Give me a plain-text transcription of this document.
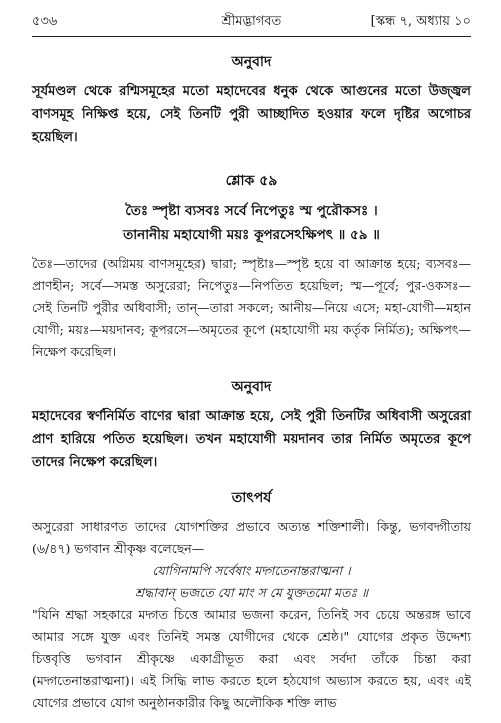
৫৩৬	শ্রীমদ্ভাগবত	[স্কন্ধ ৭, অধ্যায় ১০
অনুবাদ

সূর্যমণ্ডল থেকে রশ্মিসমূহের মতো মহাদেবের ধনুক থেকে আগুনের মতো উজ্জ্বল বাণসমূহ নিক্ষিপ্ত হয়ে, সেই তিনটি পুরী আচ্ছাদিত হওয়ার ফলে দৃষ্টির অগোচর হয়েছিল।

শ্লোক ৫৯

তৈঃ স্পৃষ্টা ব্যসবঃ সর্বে নিপেতুঃ স্ম পুরৌকসঃ ।

তানানীয় মহাযোগী ময়ঃ কূপরসেঽক্ষিপৎ ॥ ৫৯ ॥

তৈঃ—তাদের (অগ্নিময় বাণসমূহের) দ্বারা; স্পৃষ্টাঃ—স্পৃষ্ট হয়ে বা আক্রান্ত হয়ে; ব্যসবঃ—প্রাণহীন; সর্বে—সমস্ত অসুরেরা; নিপেতুঃ—নিপতিত হয়েছিল; স্ম—পূর্বে; পুর-ওকসঃ—সেই তিনটি পুরীর অধিবাসী; তান্—তারা সকলে; আনীয়—নিয়ে এসে; মহা-যোগী—মহান যোগী; ময়ঃ—ময়দানব; কূপরসে—অমৃতের কূপে (মহাযোগী ময় কর্তৃক নির্মিত); অক্ষিপৎ—নিক্ষেপ করেছিল।

অনুবাদ

মহাদেবের স্বর্ণনির্মিত বাণের দ্বারা আক্রান্ত হয়ে, সেই পুরী তিনটির অধিবাসী অসুরেরা প্রাণ হারিয়ে পতিত হয়েছিল। তখন মহাযোগী ময়দানব তার নির্মিত অমৃতের কূপে তাদের নিক্ষেপ করেছিল।

তাৎপর্য

অসুরেরা সাধারণত তাদের যোগশক্তির প্রভাবে অত্যন্ত শক্তিশালী। কিন্তু, ভগবদ্গীতায় (৬/৪৭) ভগবান শ্রীকৃষ্ণ বলেছেন—

যোগিনামপি সর্বেষাং মদ্গতেনান্তরাত্মনা ।

শ্রদ্ধাবান্ ভজতে যো মাং স মে যুক্ততমো মতঃ ॥

"যিনি শ্রদ্ধা সহকারে মদ্গত চিত্তে আমার ভজনা করেন, তিনিই সব চেয়ে অন্তরঙ্গ ভাবে আমার সঙ্গে যুক্ত এবং তিনিই সমস্ত যোগীদের থেকে শ্রেষ্ঠ।" যোগের প্রকৃত উদ্দেশ্য চিত্তবৃত্তি ভগবান শ্রীকৃষ্ণে একাগ্রীভূত করা এবং সর্বদা তাঁকে চিন্তা করা (মদ্গতেনান্তরাত্মনা)। এই সিদ্ধি লাভ করতে হলে হঠযোগ অভ্যাস করতে হয়, এবং এই যোগের প্রভাবে যোগ অনুষ্ঠানকারীর কিছু অলৌকিক শক্তি লাভ
